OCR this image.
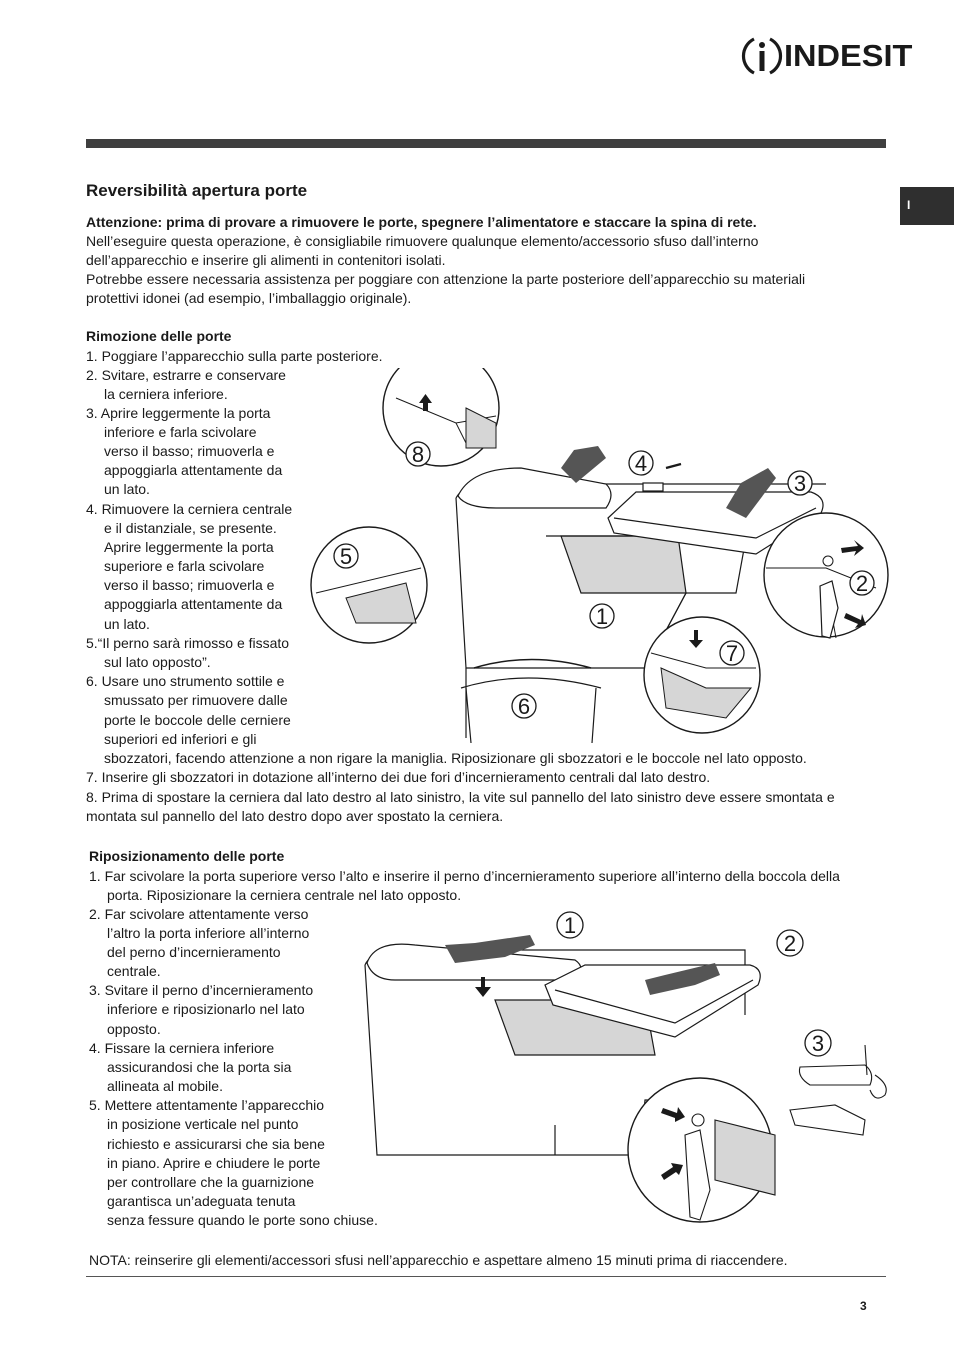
INDESIT
I
Reversibilità apertura porte
Attenzione: prima di provare a rimuovere le porte, spegnere l’alimentatore e staccare la spina di rete.
Nell’eseguire questa operazione, è consigliabile rimuovere qualunque elemento/accessorio sfuso dall’interno
dell’apparecchio e inserire gli alimenti in contenitori isolati.
Potrebbe essere necessaria assistenza per poggiare con attenzione la parte posteriore dell’apparecchio su materiali
protettivi idonei (ad esempio, l’imballaggio originale).
Rimozione delle porte
1. Poggiare l’apparecchio sulla parte posteriore.
2. Svitare, estrarre e conservare
la cerniera inferiore.
3. Aprire leggermente la porta
inferiore e farla scivolare
verso il basso; rimuoverla e
appoggiarla attentamente da
un lato.
4. Rimuovere la cerniera centrale
e il distanziale, se presente.
Aprire leggermente la porta
superiore e farla scivolare
verso il basso; rimuoverla e
appoggiarla attentamente da
un lato.
5.“Il perno sarà rimosso e fissato
sul lato opposto”.
6. Usare uno strumento sottile e
smussato per rimuovere dalle
porte le boccole delle cerniere
superiori ed inferiori e gli
sbozzatori, facendo attenzione a non rigare la maniglia. Riposizionare gli sbozzatori e le boccole nel lato opposto.
7. Inserire gli sbozzatori in dotazione all’interno dei due fori d’incernieramento centrali dal lato destro.
8. Prima di spostare la cerniera dal lato destro al lato sinistro, la vite sul pannello del lato sinistro deve essere smontata e
montata sul pannello del lato destro dopo aver spostato la cerniera.
8	4
3
5
2
1
7
6
Riposizionamento delle porte
1. Far scivolare la porta superiore verso l’alto e inserire il perno d’incernieramento superiore all’interno della boccola della
porta. Riposizionare la cerniera centrale nel lato opposto.
2. Far scivolare attentamente verso
l’altro la porta inferiore all’interno
del perno d’incernieramento
centrale.
3. Svitare il perno d’incernieramento
inferiore e riposizionarlo nel lato
opposto.
4. Fissare la cerniera inferiore
assicurandosi che la porta sia
allineata al mobile.
5. Mettere attentamente l’apparecchio
in posizione verticale nel punto
richiesto e assicurarsi che sia bene
in piano. Aprire e chiudere le porte
per controllare che la guarnizione
garantisca un’adeguata tenuta
senza fessure quando le porte sono chiuse.
1
2
3
NOTA: reinserire gli elementi/accessori sfusi nell’apparecchio e aspettare almeno 15 minuti prima di riaccendere.
3
